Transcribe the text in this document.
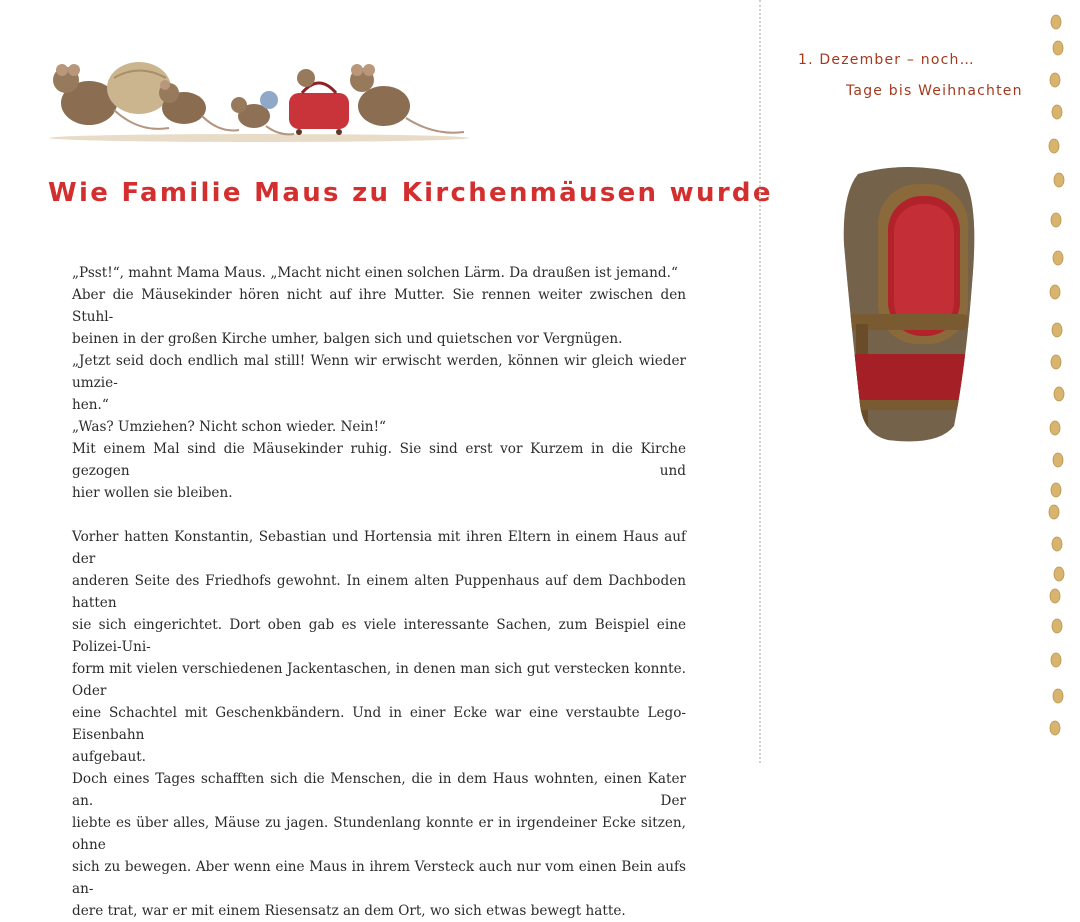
Wie Familie Maus zu Kirchenmäusen wurde
„Psst!“, mahnt Mama Maus. „Macht nicht einen solchen Lärm. Da draußen ist jemand.“
Aber die Mäusekinder hören nicht auf ihre Mutter. Sie rennen weiter zwischen den Stuhl-
beinen in der großen Kirche umher, balgen sich und quietschen vor Vergnügen.
„Jetzt seid doch endlich mal still! Wenn wir erwischt werden, können wir gleich wieder umzie-
hen.“
„Was? Umziehen? Nicht schon wieder. Nein!“
Mit einem Mal sind die Mäusekinder ruhig. Sie sind erst vor Kurzem in die Kirche gezogen und
hier wollen sie bleiben.
Vorher hatten Konstantin, Sebastian und Hortensia mit ihren Eltern in einem Haus auf der
anderen Seite des Friedhofs gewohnt. In einem alten Puppenhaus auf dem Dachboden hatten
sie sich eingerichtet. Dort oben gab es viele interessante Sachen, zum Beispiel eine Polizei-Uni-
form mit vielen verschiedenen Jackentaschen, in denen man sich gut verstecken konnte. Oder
eine Schachtel mit Geschenkbändern. Und in einer Ecke war eine verstaubte Lego-Eisenbahn
aufgebaut.
Doch eines Tages schafften sich die Menschen, die in dem Haus wohnten, einen Kater an. Der
liebte es über alles, Mäuse zu jagen. Stundenlang konnte er in irgendeiner Ecke sitzen, ohne
sich zu bewegen. Aber wenn eine Maus in ihrem Versteck auch nur vom einen Bein aufs an-
dere trat, war er mit einem Riesensatz an dem Ort, wo sich etwas bewegt hatte.
1. Dezember – noch…
Tage bis Weihnachten
